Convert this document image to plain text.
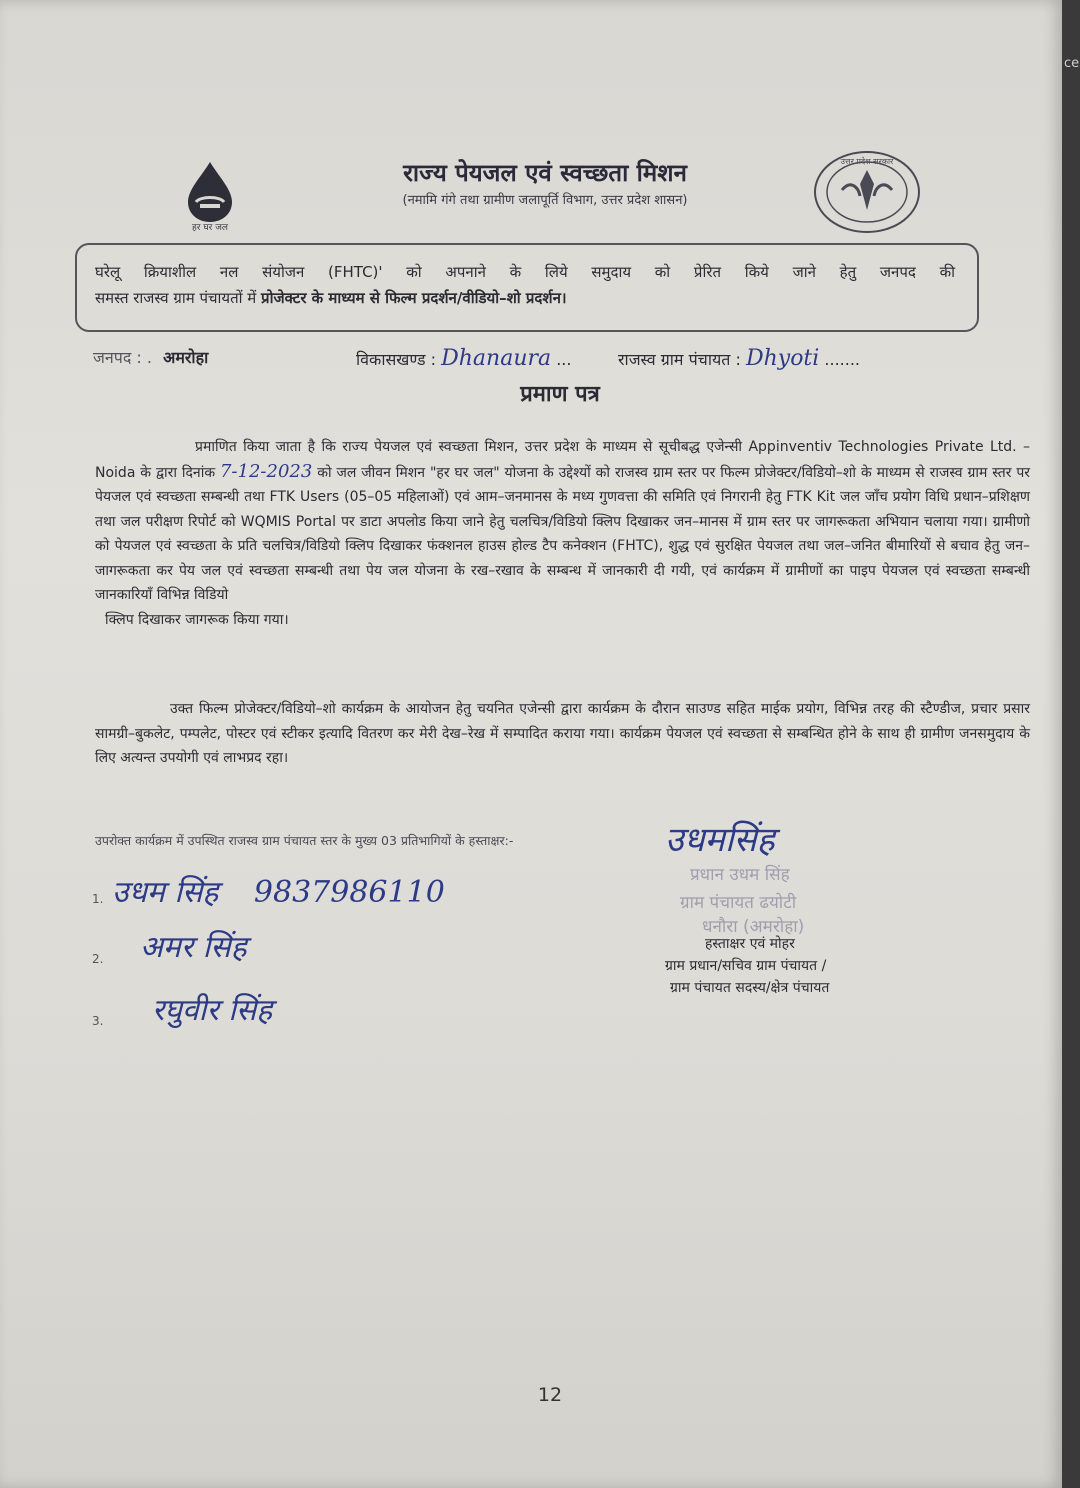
हर घर जल
राज्य पेयजल एवं स्वच्छता मिशन
(नमामि गंगे तथा ग्रामीण जलापूर्ति विभाग, उत्तर प्रदेश शासन)
उत्तर प्रदेश सरकार
घरेलू क्रियाशील नल संयोजन (FHTC)' को अपनाने के लिये समुदाय को प्रेरित किये जाने हेतु जनपद की
समस्त राजस्व ग्राम पंचायतों में प्रोजेक्टर के माध्यम से फिल्म प्रदर्शन/वीडियो–शो प्रदर्शन।
जनपद : . अमरोहा	विकासखण्ड : Dhanaura ...	राजस्व ग्राम पंचायत : Dhyoti .......
प्रमाण पत्र
प्रमाणित किया जाता है कि राज्य पेयजल एवं स्वच्छता मिशन, उत्तर प्रदेश के माध्यम से सूचीबद्ध एजेन्सी Appinventiv Technologies Private Ltd. – Noida के द्वारा दिनांक 7-12-2023 को जल जीवन मिशन "हर घर जल" योजना के उद्देश्यों को राजस्व ग्राम स्तर पर फिल्म प्रोजेक्टर/विडियो–शो के माध्यम से राजस्व ग्राम स्तर पर पेयजल एवं स्वच्छता सम्बन्धी तथा FTK Users (05–05 महिलाओं) एवं आम–जनमानस के मध्य गुणवत्ता की समिति एवं निगरानी हेतु FTK Kit जल जाँच प्रयोग विधि प्रधान–प्रशिक्षण तथा जल परीक्षण रिपोर्ट को WQMIS Portal पर डाटा अपलोड किया जाने हेतु चलचित्र/विडियो क्लिप दिखाकर जन–मानस में ग्राम स्तर पर जागरूकता अभियान चलाया गया। ग्रामीणो को पेयजल एवं स्वच्छता के प्रति चलचित्र/विडियो क्लिप दिखाकर फंक्शनल हाउस होल्ड टैप कनेक्शन (FHTC), शुद्ध एवं सुरक्षित पेयजल तथा जल–जनित बीमारियों से बचाव हेतु जन–जागरूकता कर पेय जल एवं स्वच्छता सम्बन्धी तथा पेय जल योजना के रख–रखाव के सम्बन्ध में जानकारी दी गयी, एवं कार्यक्रम में ग्रामीणों का पाइप पेयजल एवं स्वच्छता सम्बन्धी जानकारियाँ विभिन्न विडियो

क्लिप दिखाकर जागरूक किया गया।

उक्त फिल्म प्रोजेक्टर/विडियो–शो कार्यक्रम के आयोजन हेतु चयनित एजेन्सी द्वारा कार्यक्रम के दौरान साउण्ड सहित माईक प्रयोग, विभिन्न तरह की स्टैण्डीज, प्रचार प्रसार सामग्री–बुकलेट, पम्पलेट, पोस्टर एवं स्टीकर इत्यादि वितरण कर मेरी देख–रेख में सम्पादित कराया गया। कार्यक्रम पेयजल एवं स्वच्छता से सम्बन्धित होने के साथ ही ग्रामीण जनसमुदाय के लिए अत्यन्त उपयोगी एवं लाभप्रद रहा।
उपरोक्त कार्यक्रम में उपस्थित राजस्व ग्राम पंचायत स्तर के मुख्य 03 प्रतिभागियों के हस्ताक्षर:-
1. उधम सिंह 9837986110
2. अमर सिंह
3. रघुवीर सिंह
उधमसिंह
प्रधान उधम सिंह
ग्राम पंचायत ढयोटी
धनौरा (अमरोहा)
हस्ताक्षर एवं मोहर
ग्राम प्रधान/सचिव ग्राम पंचायत /
ग्राम पंचायत सदस्य/क्षेत्र पंचायत
12
ce
